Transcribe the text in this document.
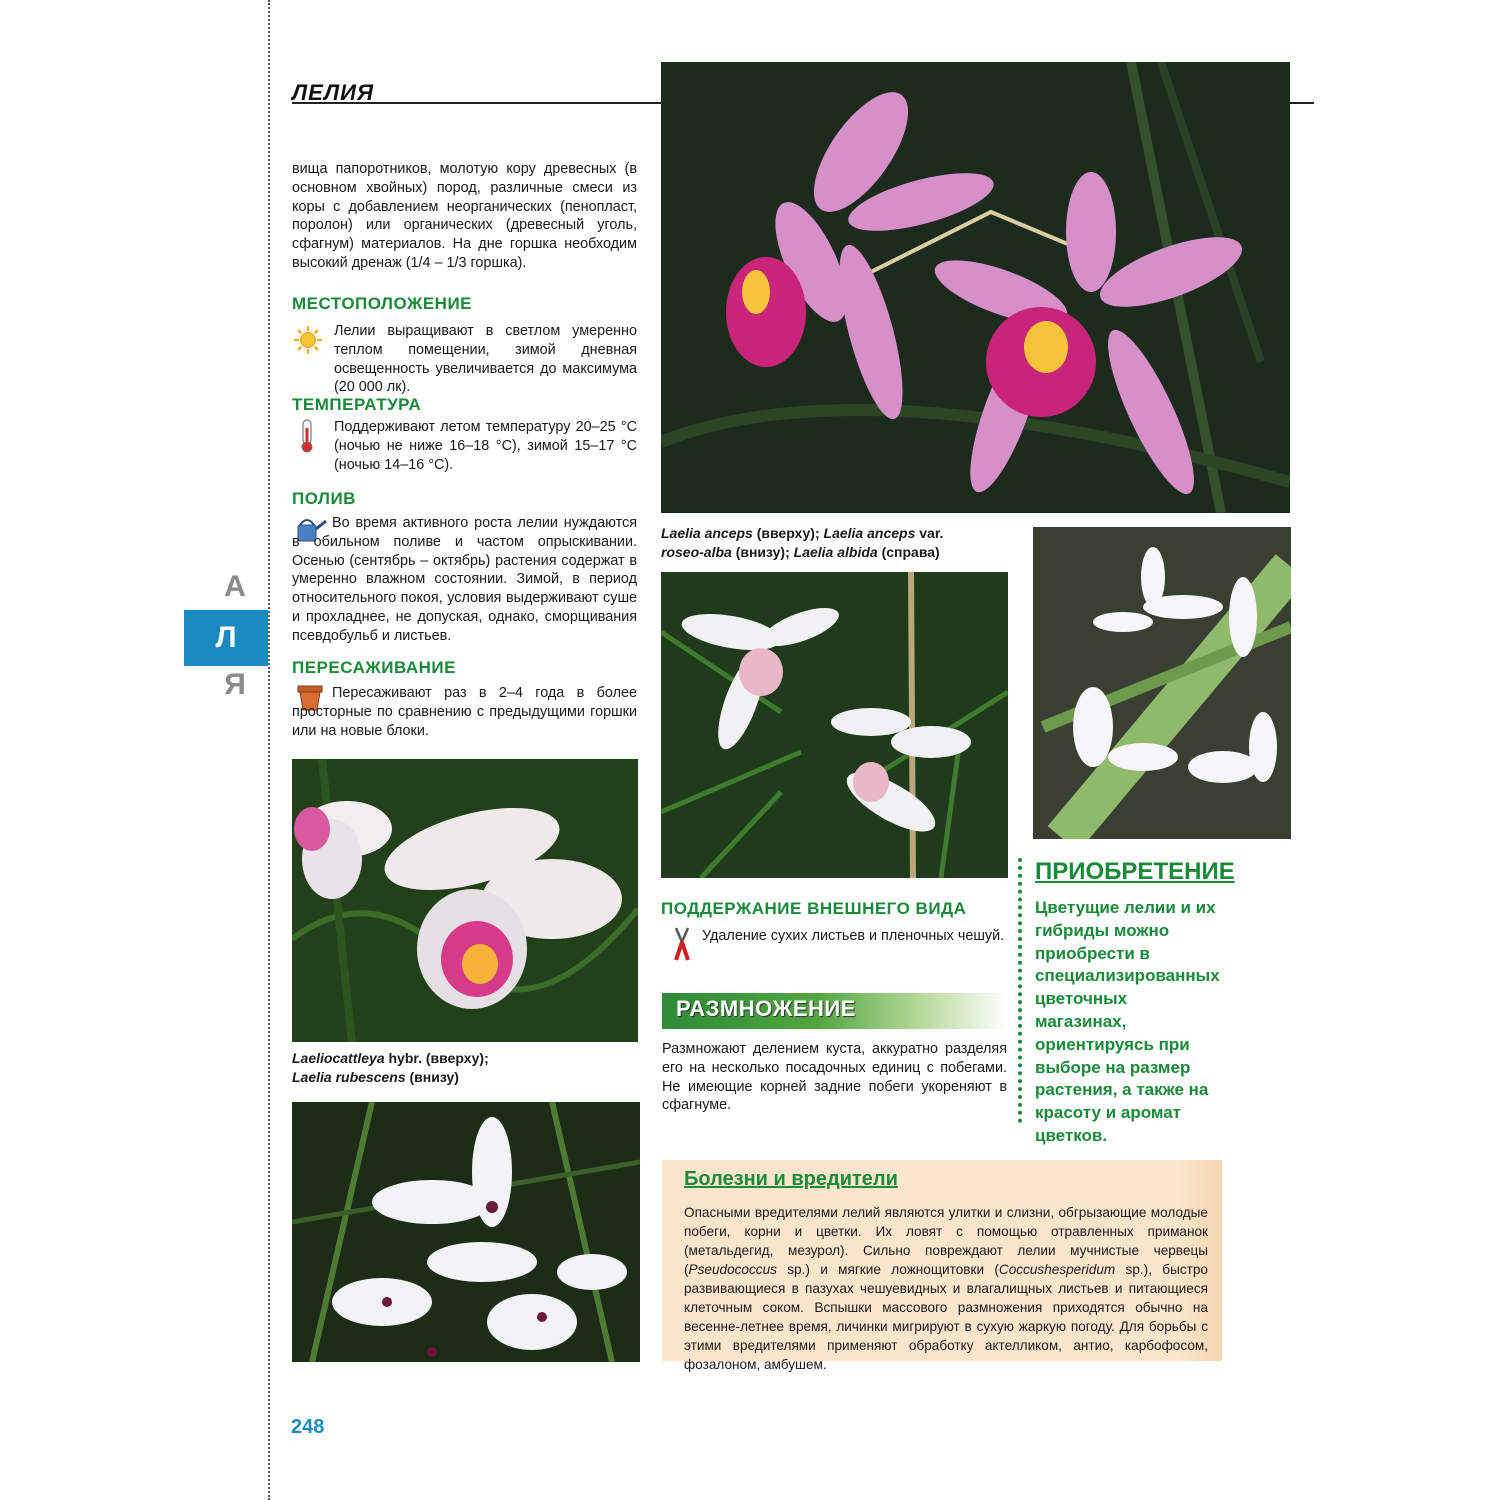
ЛЕЛИЯ
А
Л
Я
вища папоротников, молотую кору древесных (в основном хвойных) пород, различные смеси из коры с добавлением неорганических (пенопласт, поролон) или органических (древесный уголь, сфагнум) материалов. На дне горшка необходим высокий дренаж (1/4 – 1/3 горшка).
МЕСТОПОЛОЖЕНИЕ
Лелии выращивают в светлом умеренно теплом помещении, зимой дневная освещенность увеличивается до максимума (20 000 лк).
ТЕМПЕРАТУРА
Поддерживают летом температуру 20–25 °C (ночью не ниже 16–18 °C), зимой 15–17 °C (ночью 14–16 °C).
ПОЛИВ
Во время активного роста лелии нуждаются в обильном поливе и частом опрыскивании. Осенью (сентябрь – октябрь) растения содержат в умеренно влажном состоянии. Зимой, в период относительного покоя, условия выдерживают суше и прохладнее, не допуская, однако, сморщивания псевдобульб и листьев.
ПЕРЕСАЖИВАНИЕ
Пересаживают раз в 2–4 года в более просторные по сравнению с предыдущими горшки или на новые блоки.
Laeliocattleya hybr. (вверху);
Laelia rubescens (внизу)
Laelia anceps (вверху); Laelia anceps var.
roseo-alba (внизу); Laelia albida (справа)
ПОДДЕРЖАНИЕ ВНЕШНЕГО ВИДА
Удаление сухих листьев и пленочных чешуй.
РАЗМНОЖЕНИЕ
Размножают делением куста, аккуратно разделяя его на несколько посадочных единиц с побегами. Не имеющие корней задние побеги укореняют в сфагнуме.
ПРИОБРЕТЕНИЕ
Цветущие лелии и их гибриды можно приобрести в специализированных цветочных магазинах, ориентируясь при выборе на размер растения, а также на красоту и аромат цветков.
Болезни и вредители
Опасными вредителями лелий являются улитки и слизни, обгрызающие молодые побеги, корни и цветки. Их ловят с помощью отравленных приманок (метальдегид, мезурол). Сильно повреждают лелии мучнистые червецы (Pseudococcus sp.) и мягкие ложнощитовки (Coccushesperidum sp.), быстро развивающиеся в пазухах чешуевидных и влагалищных листьев и питающиеся клеточным соком. Вспышки массового размножения приходятся обычно на весенне-летнее время, личинки мигрируют в сухую жаркую погоду. Для борьбы с этими вредителями применяют обработку актелликом, антио, карбофосом, фозалоном, амбушем.
248
